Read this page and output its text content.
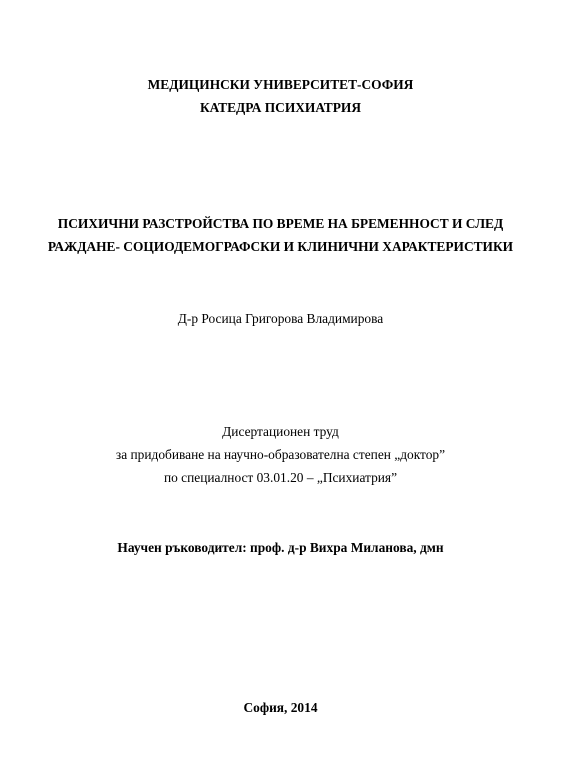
МЕДИЦИНСКИ УНИВЕРСИТЕТ-СОФИЯ
КАТЕДРА ПСИХИАТРИЯ
ПСИХИЧНИ РАЗСТРОЙСТВА ПО ВРЕМЕ НА БРЕМЕННОСТ И СЛЕД
РАЖДАНЕ- СОЦИОДЕМОГРАФСКИ И КЛИНИЧНИ ХАРАКТЕРИСТИКИ
Д-р Росица Григорова Владимирова
Дисертационен труд
за придобиване на научно-образователна степен „доктор”
по специалност 03.01.20 – „Психиатрия”
Научен ръководител: проф. д-р Вихра Миланова, дмн
София, 2014
